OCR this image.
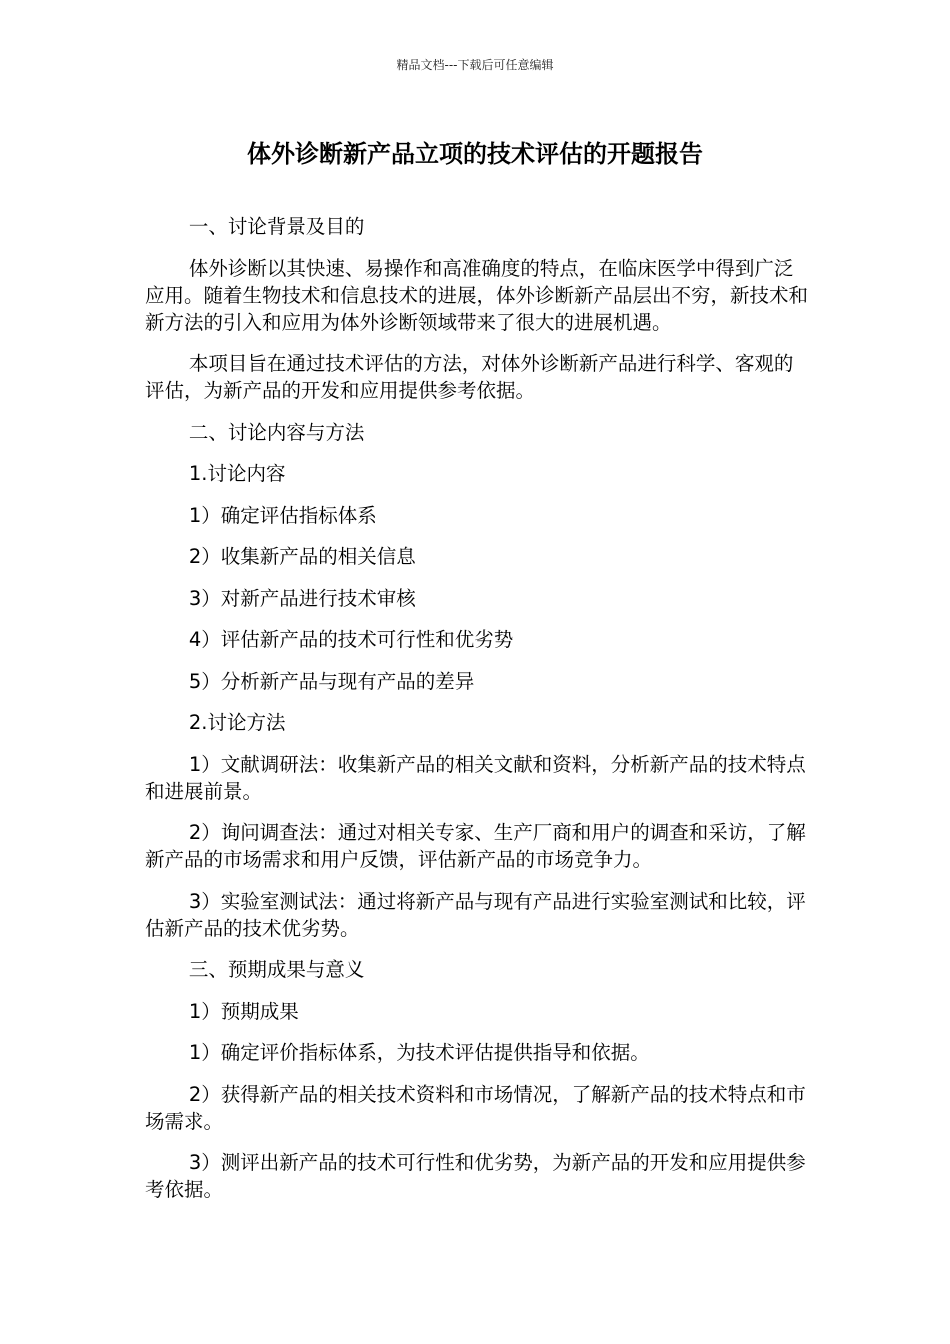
精品文档---下载后可任意编辑
体外诊断新产品立项的技术评估的开题报告

一、讨论背景及目的

体外诊断以其快速、易操作和高准确度的特点，在临床医学中得到广泛应用。随着生物技术和信息技术的进展，体外诊断新产品层出不穷，新技术和新方法的引入和应用为体外诊断领域带来了很大的进展机遇。

本项目旨在通过技术评估的方法，对体外诊断新产品进行科学、客观的评估，为新产品的开发和应用提供参考依据。

二、讨论内容与方法

1.讨论内容

1）确定评估指标体系

2）收集新产品的相关信息

3）对新产品进行技术审核

4）评估新产品的技术可行性和优劣势

5）分析新产品与现有产品的差异

2.讨论方法

1）文献调研法：收集新产品的相关文献和资料，分析新产品的技术特点和进展前景。

2）询问调查法：通过对相关专家、生产厂商和用户的调查和采访，了解新产品的市场需求和用户反馈，评估新产品的市场竞争力。

3）实验室测试法：通过将新产品与现有产品进行实验室测试和比较，评估新产品的技术优劣势。

三、预期成果与意义

1）预期成果

1）确定评价指标体系，为技术评估提供指导和依据。

2）获得新产品的相关技术资料和市场情况，了解新产品的技术特点和市场需求。

3）测评出新产品的技术可行性和优劣势，为新产品的开发和应用提供参考依据。
